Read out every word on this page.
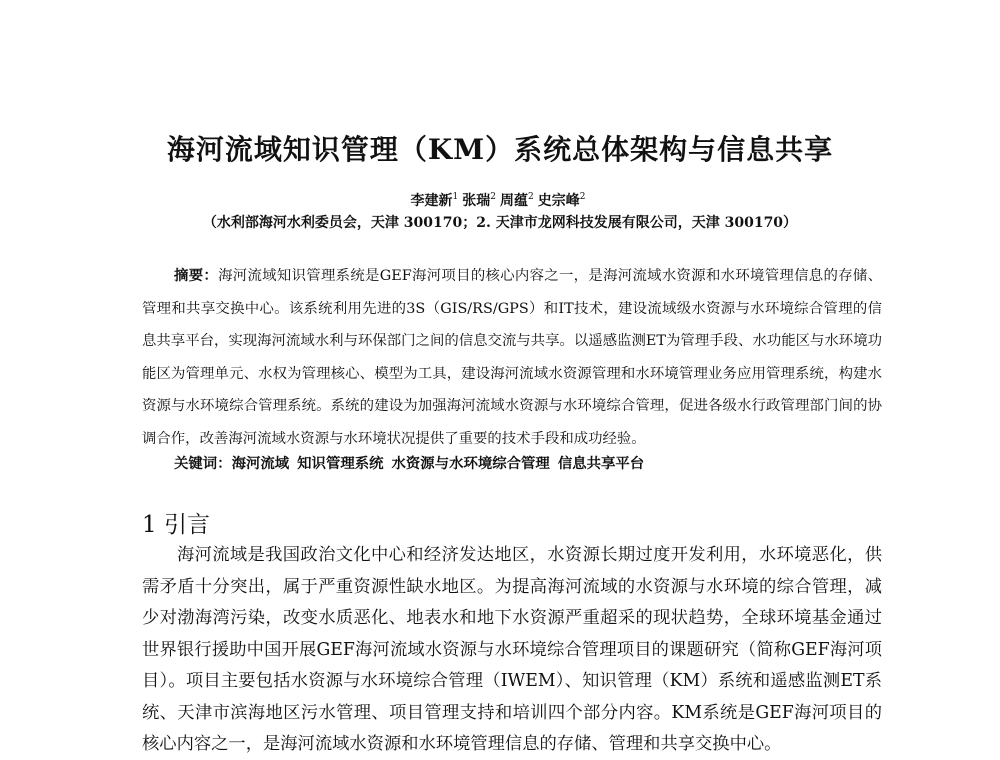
海河流域知识管理（KM）系统总体架构与信息共享
李建新$^1$ 张瑞$^2$ 周蕴$^2$ 史宗峰$^2$
（水利部海河水利委员会，天津 300170；2. 天津市龙网科技发展有限公司，天津 300170）
摘要：海河流域知识管理系统是GEF海河项目的核心内容之一，是海河流域水资源和水环境管理信息的存储、管理和共享交换中心。该系统利用先进的3S（GIS/RS/GPS）和IT技术，建设流域级水资源与水环境综合管理的信息共享平台，实现海河流域水利与环保部门之间的信息交流与共享。以遥感监测ET为管理手段、水功能区与水环境功能区为管理单元、水权为管理核心、模型为工具，建设海河流域水资源管理和水环境管理业务应用管理系统，构建水资源与水环境综合管理系统。系统的建设为加强海河流域水资源与水环境综合管理，促进各级水行政管理部门间的协调合作，改善海河流域水资源与水环境状况提供了重要的技术手段和成功经验。
关键词：海河流域 知识管理系统 水资源与水环境综合管理 信息共享平台
1 引言

海河流域是我国政治文化中心和经济发达地区，水资源长期过度开发利用，水环境恶化，供需矛盾十分突出，属于严重资源性缺水地区。为提高海河流域的水资源与水环境的综合管理，减少对渤海湾污染，改变水质恶化、地表水和地下水资源严重超采的现状趋势，全球环境基金通过世界银行援助中国开展GEF海河流域水资源与水环境综合管理项目的课题研究（简称GEF海河项目）。项目主要包括水资源与水环境综合管理（IWEM）、知识管理（KM）系统和遥感监测ET系统、天津市滨海地区污水管理、项目管理支持和培训四个部分内容。KM系统是GEF海河项目的核心内容之一，是海河流域水资源和水环境管理信息的存储、管理和共享交换中心。
